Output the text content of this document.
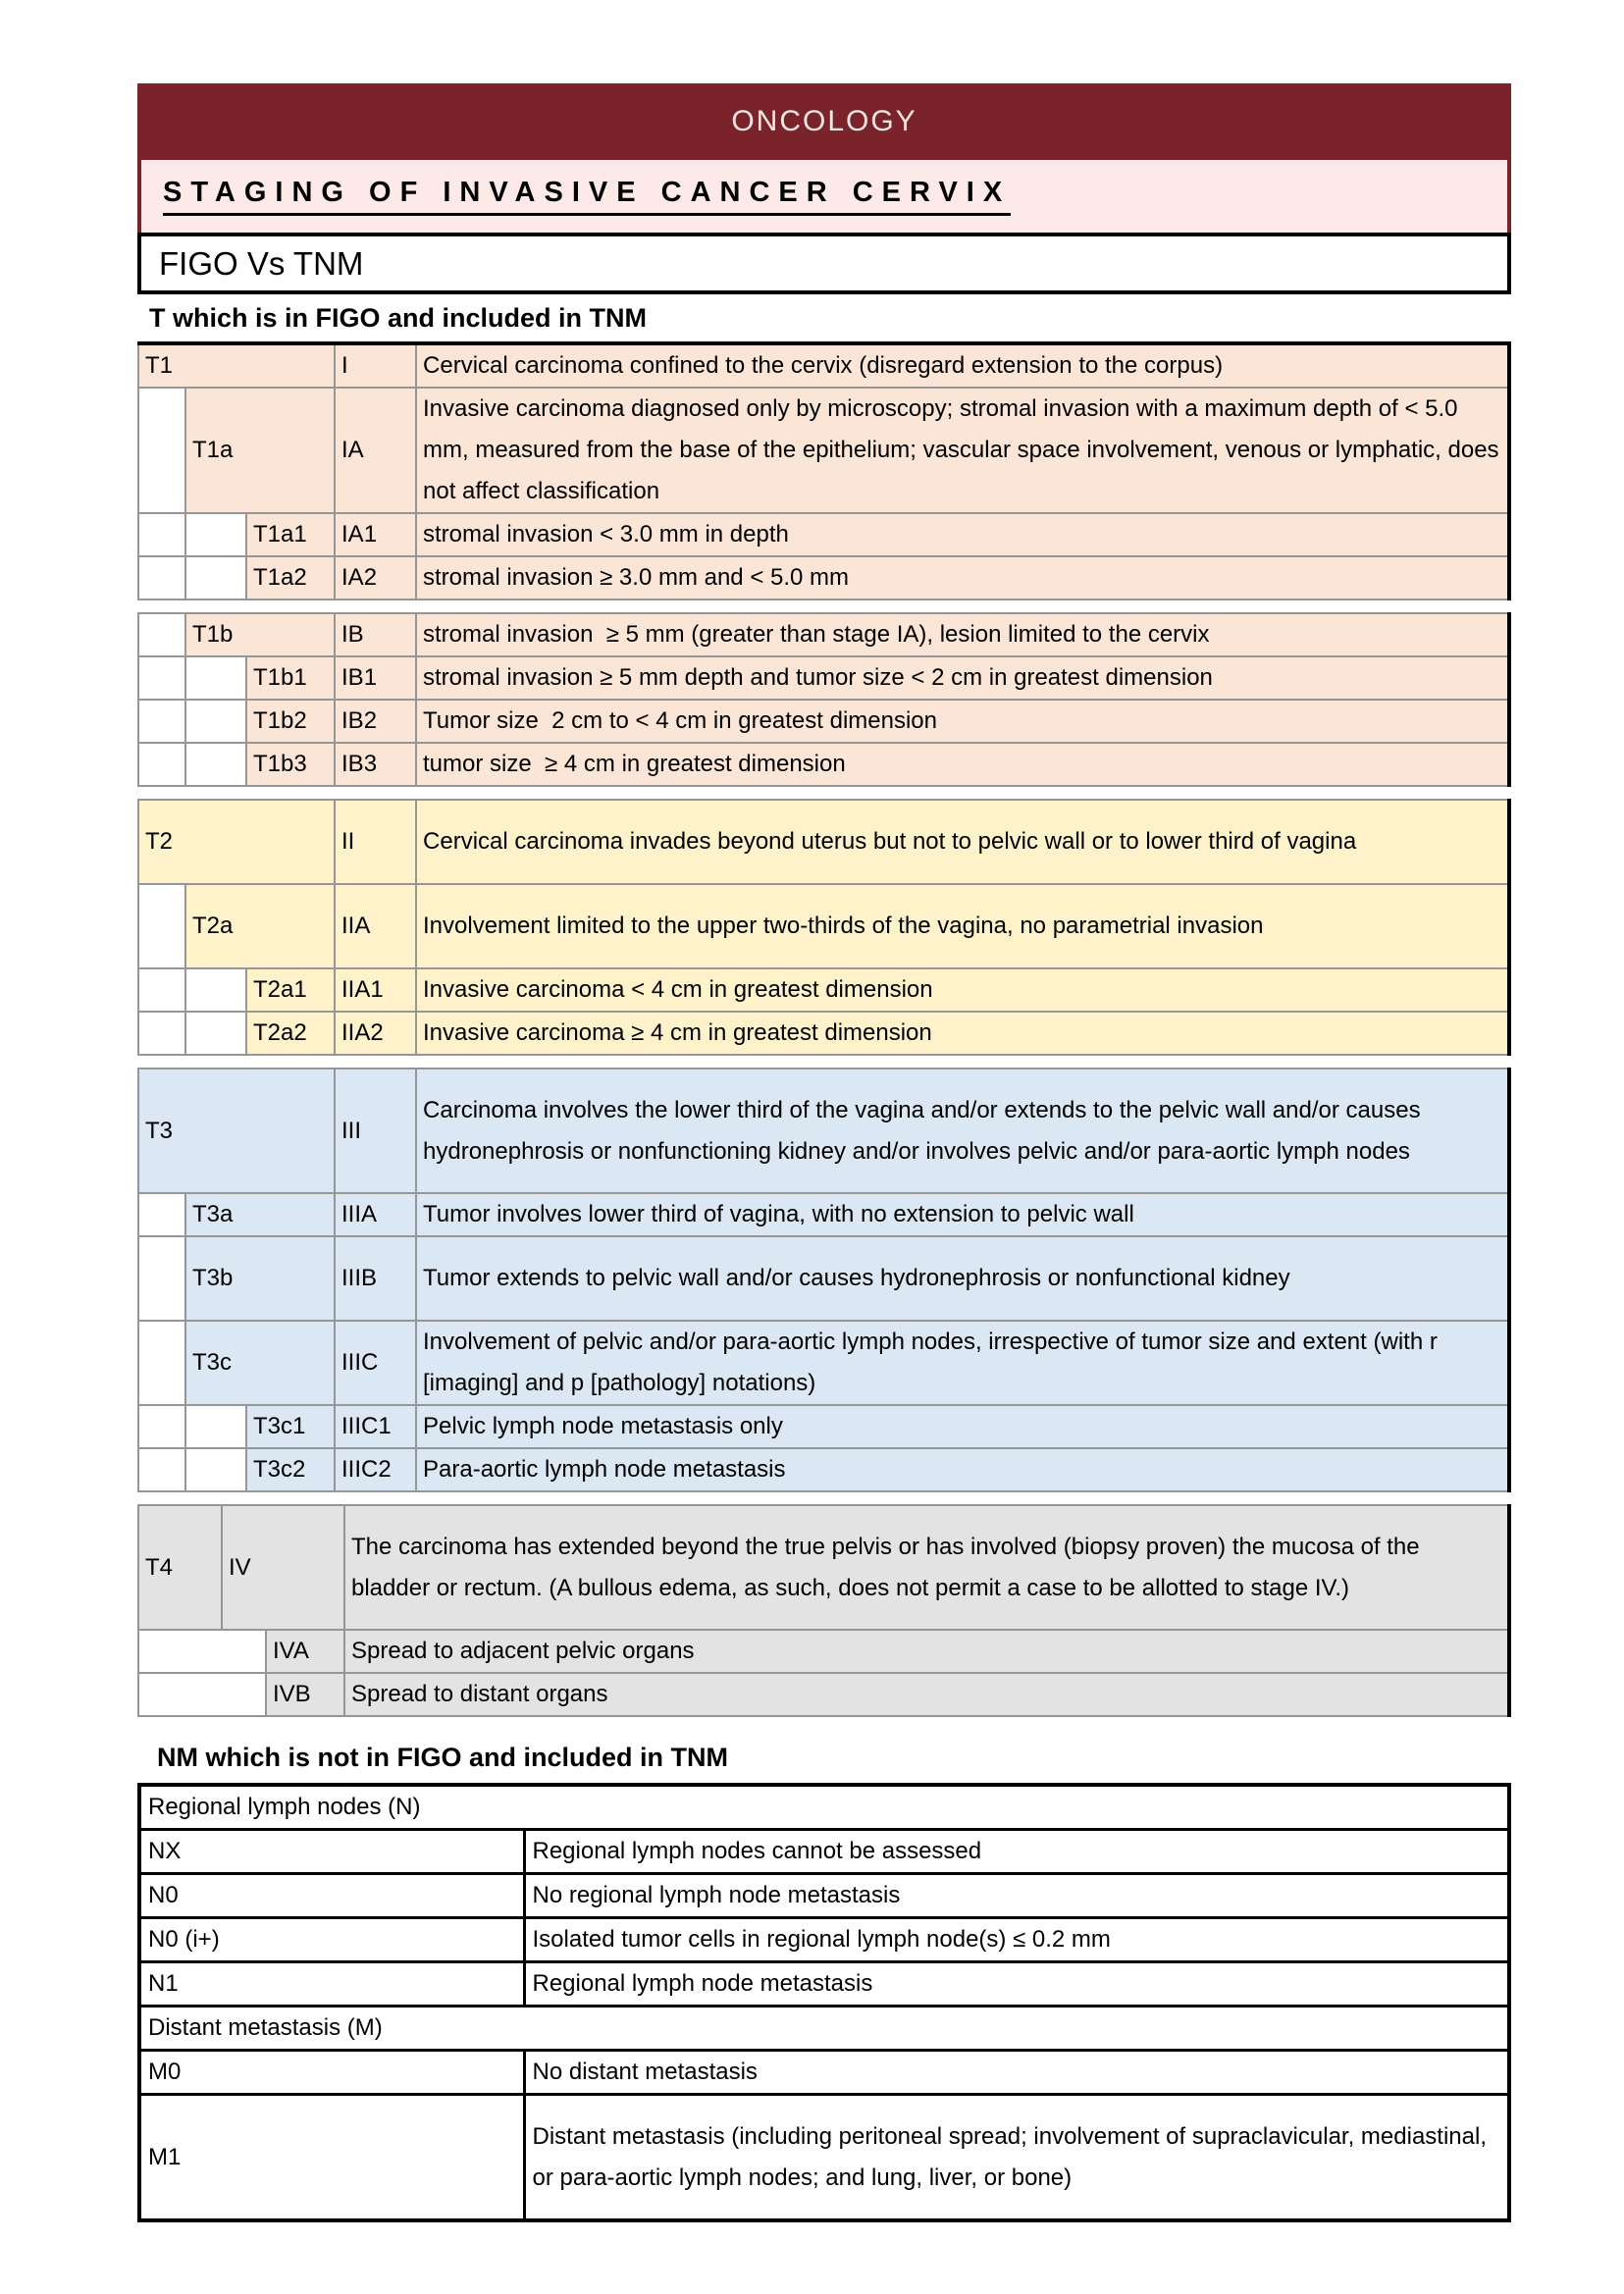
ONCOLOGY
STAGING OF INVASIVE CANCER CERVIX
FIGO Vs TNM
T which is in FIGO and included in TNM
T1			I	Cervical carcinoma confined to the cervix (disregard extension to the corpus)
	T1a		IA	Invasive carcinoma diagnosed only by microscopy; stromal invasion with a maximum depth of < 5.0 mm, measured from the base of the epithelium; vascular space involvement, venous or lymphatic, does not affect classification
		T1a1	IA1	stromal invasion < 3.0 mm in depth
		T1a2	IA2	stromal invasion ≥ 3.0 mm and < 5.0 mm
	T1b		IB	stromal invasion  ≥ 5 mm (greater than stage IA), lesion limited to the cervix
		T1b1	IB1	stromal invasion ≥ 5 mm depth and tumor size < 2 cm in greatest dimension
		T1b2	IB2	Tumor size  2 cm to < 4 cm in greatest dimension
		T1b3	IB3	tumor size  ≥ 4 cm in greatest dimension
T2			II	Cervical carcinoma invades beyond uterus but not to pelvic wall or to lower third of vagina
	T2a		IIA	Involvement limited to the upper two-thirds of the vagina, no parametrial invasion
		T2a1	IIA1	Invasive carcinoma < 4 cm in greatest dimension
		T2a2	IIA2	Invasive carcinoma ≥ 4 cm in greatest dimension
T3			III	Carcinoma involves the lower third of the vagina and/or extends to the pelvic wall and/or causes hydronephrosis or nonfunctioning kidney and/or involves pelvic and/or para-aortic lymph nodes
	T3a		IIIA	Tumor involves lower third of vagina, with no extension to pelvic wall
	T3b		IIIB	Tumor extends to pelvic wall and/or causes hydronephrosis or nonfunctional kidney
	T3c		IIIC	Involvement of pelvic and/or para-aortic lymph nodes, irrespective of tumor size and extent (with r [imaging] and p [pathology] notations)
		T3c1	IIIC1	Pelvic lymph node metastasis only
		T3c2	IIIC2	Para-aortic lymph node metastasis
T4	IV		The carcinoma has extended beyond the true pelvis or has involved (biopsy proven) the mucosa of the bladder or rectum. (A bullous edema, as such, does not permit a case to be allotted to stage IV.)
		IVA	Spread to adjacent pelvic organs
		IVB	Spread to distant organs
NM which is not in FIGO and included in TNM
Regional lymph nodes (N)	
NX	Regional lymph nodes cannot be assessed
N0	No regional lymph node metastasis
N0 (i+)	Isolated tumor cells in regional lymph node(s) ≤ 0.2 mm
N1	Regional lymph node metastasis
Distant metastasis (M)	
M0	No distant metastasis
M1	Distant metastasis (including peritoneal spread; involvement of supraclavicular, mediastinal, or para-aortic lymph nodes; and lung, liver, or bone)
